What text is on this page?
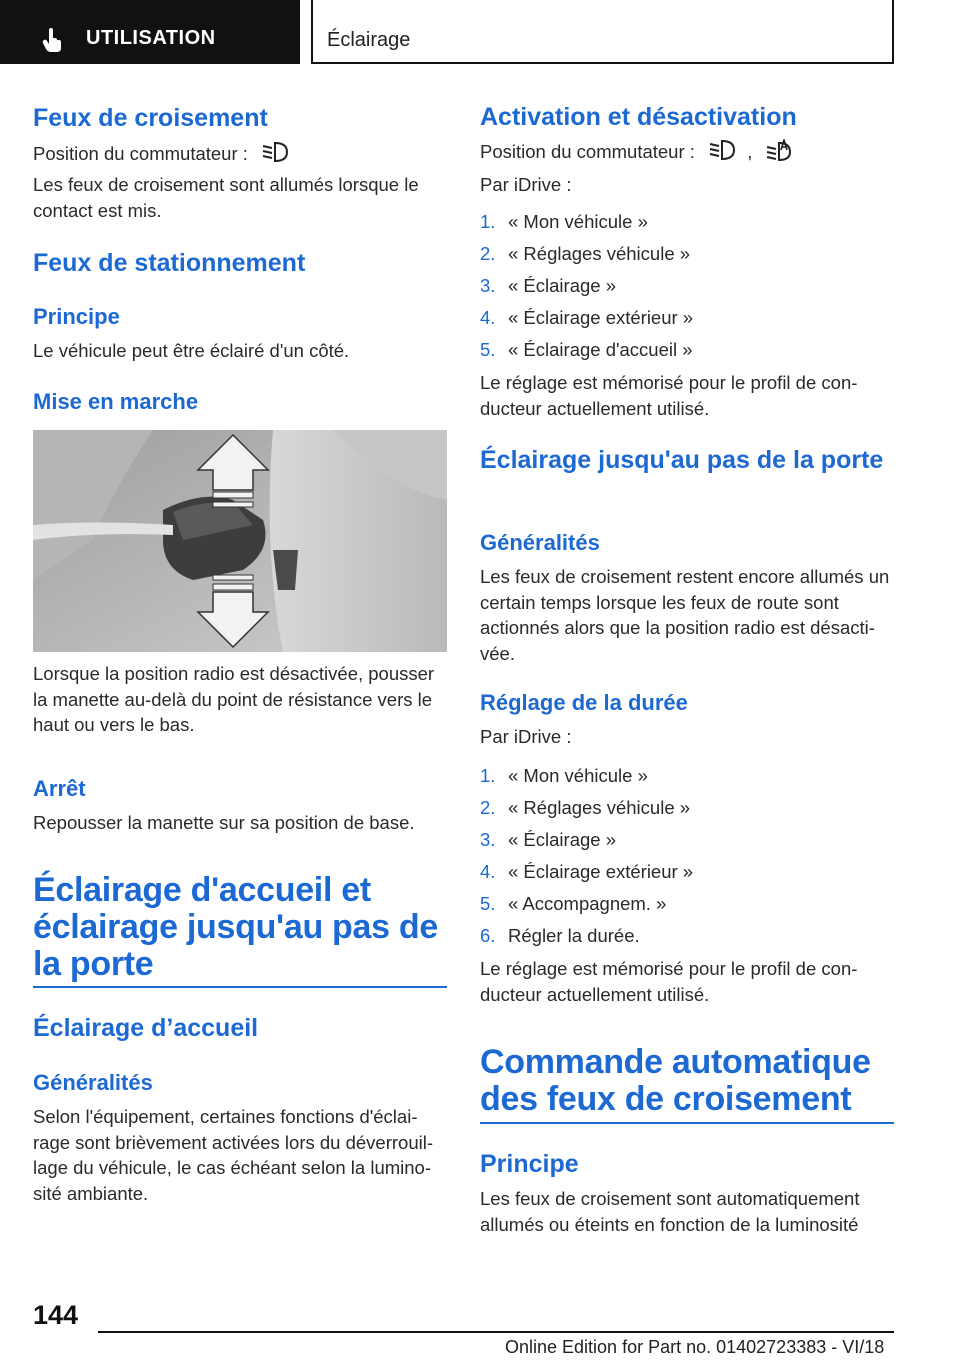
UTILISATION	Éclairage
Feux de croisement
Position du commutateur :
Les feux de croisement sont allumés lorsque le contact est mis.
Feux de stationnement
Principe
Le véhicule peut être éclairé d'un côté.
Mise en marche
Lorsque la position radio est désactivée, pousser la manette au-delà du point de résistance vers le haut ou vers le bas.
Arrêt
Repousser la manette sur sa position de base.
Éclairage d'accueil et éclairage jusqu'au pas de la porte
Éclairage d’accueil
Généralités
Selon l'équipement, certaines fonctions d'éclai-rage sont brièvement activées lors du déverrouil-lage du véhicule, le cas échéant selon la lumino-sité ambiante.
Activation et désactivation
Position du commutateur :	,
Par iDrive :
1. « Mon véhicule »
2. « Réglages véhicule »
3. « Éclairage »
4. « Éclairage extérieur »
5. « Éclairage d'accueil »
Le réglage est mémorisé pour le profil de con-ducteur actuellement utilisé.
Éclairage jusqu'au pas de la porte
Généralités
Les feux de croisement restent encore allumés un certain temps lorsque les feux de route sont actionnés alors que la position radio est désacti-vée.
Réglage de la durée
Par iDrive :
1. « Mon véhicule »
2. « Réglages véhicule »
3. « Éclairage »
4. « Éclairage extérieur »
5. « Accompagnem. »
6. Régler la durée.
Le réglage est mémorisé pour le profil de con-ducteur actuellement utilisé.
Commande automatique des feux de croisement
Principe
Les feux de croisement sont automatiquement allumés ou éteints en fonction de la luminosité
144
Online Edition for Part no. 01402723383 - VI/18
